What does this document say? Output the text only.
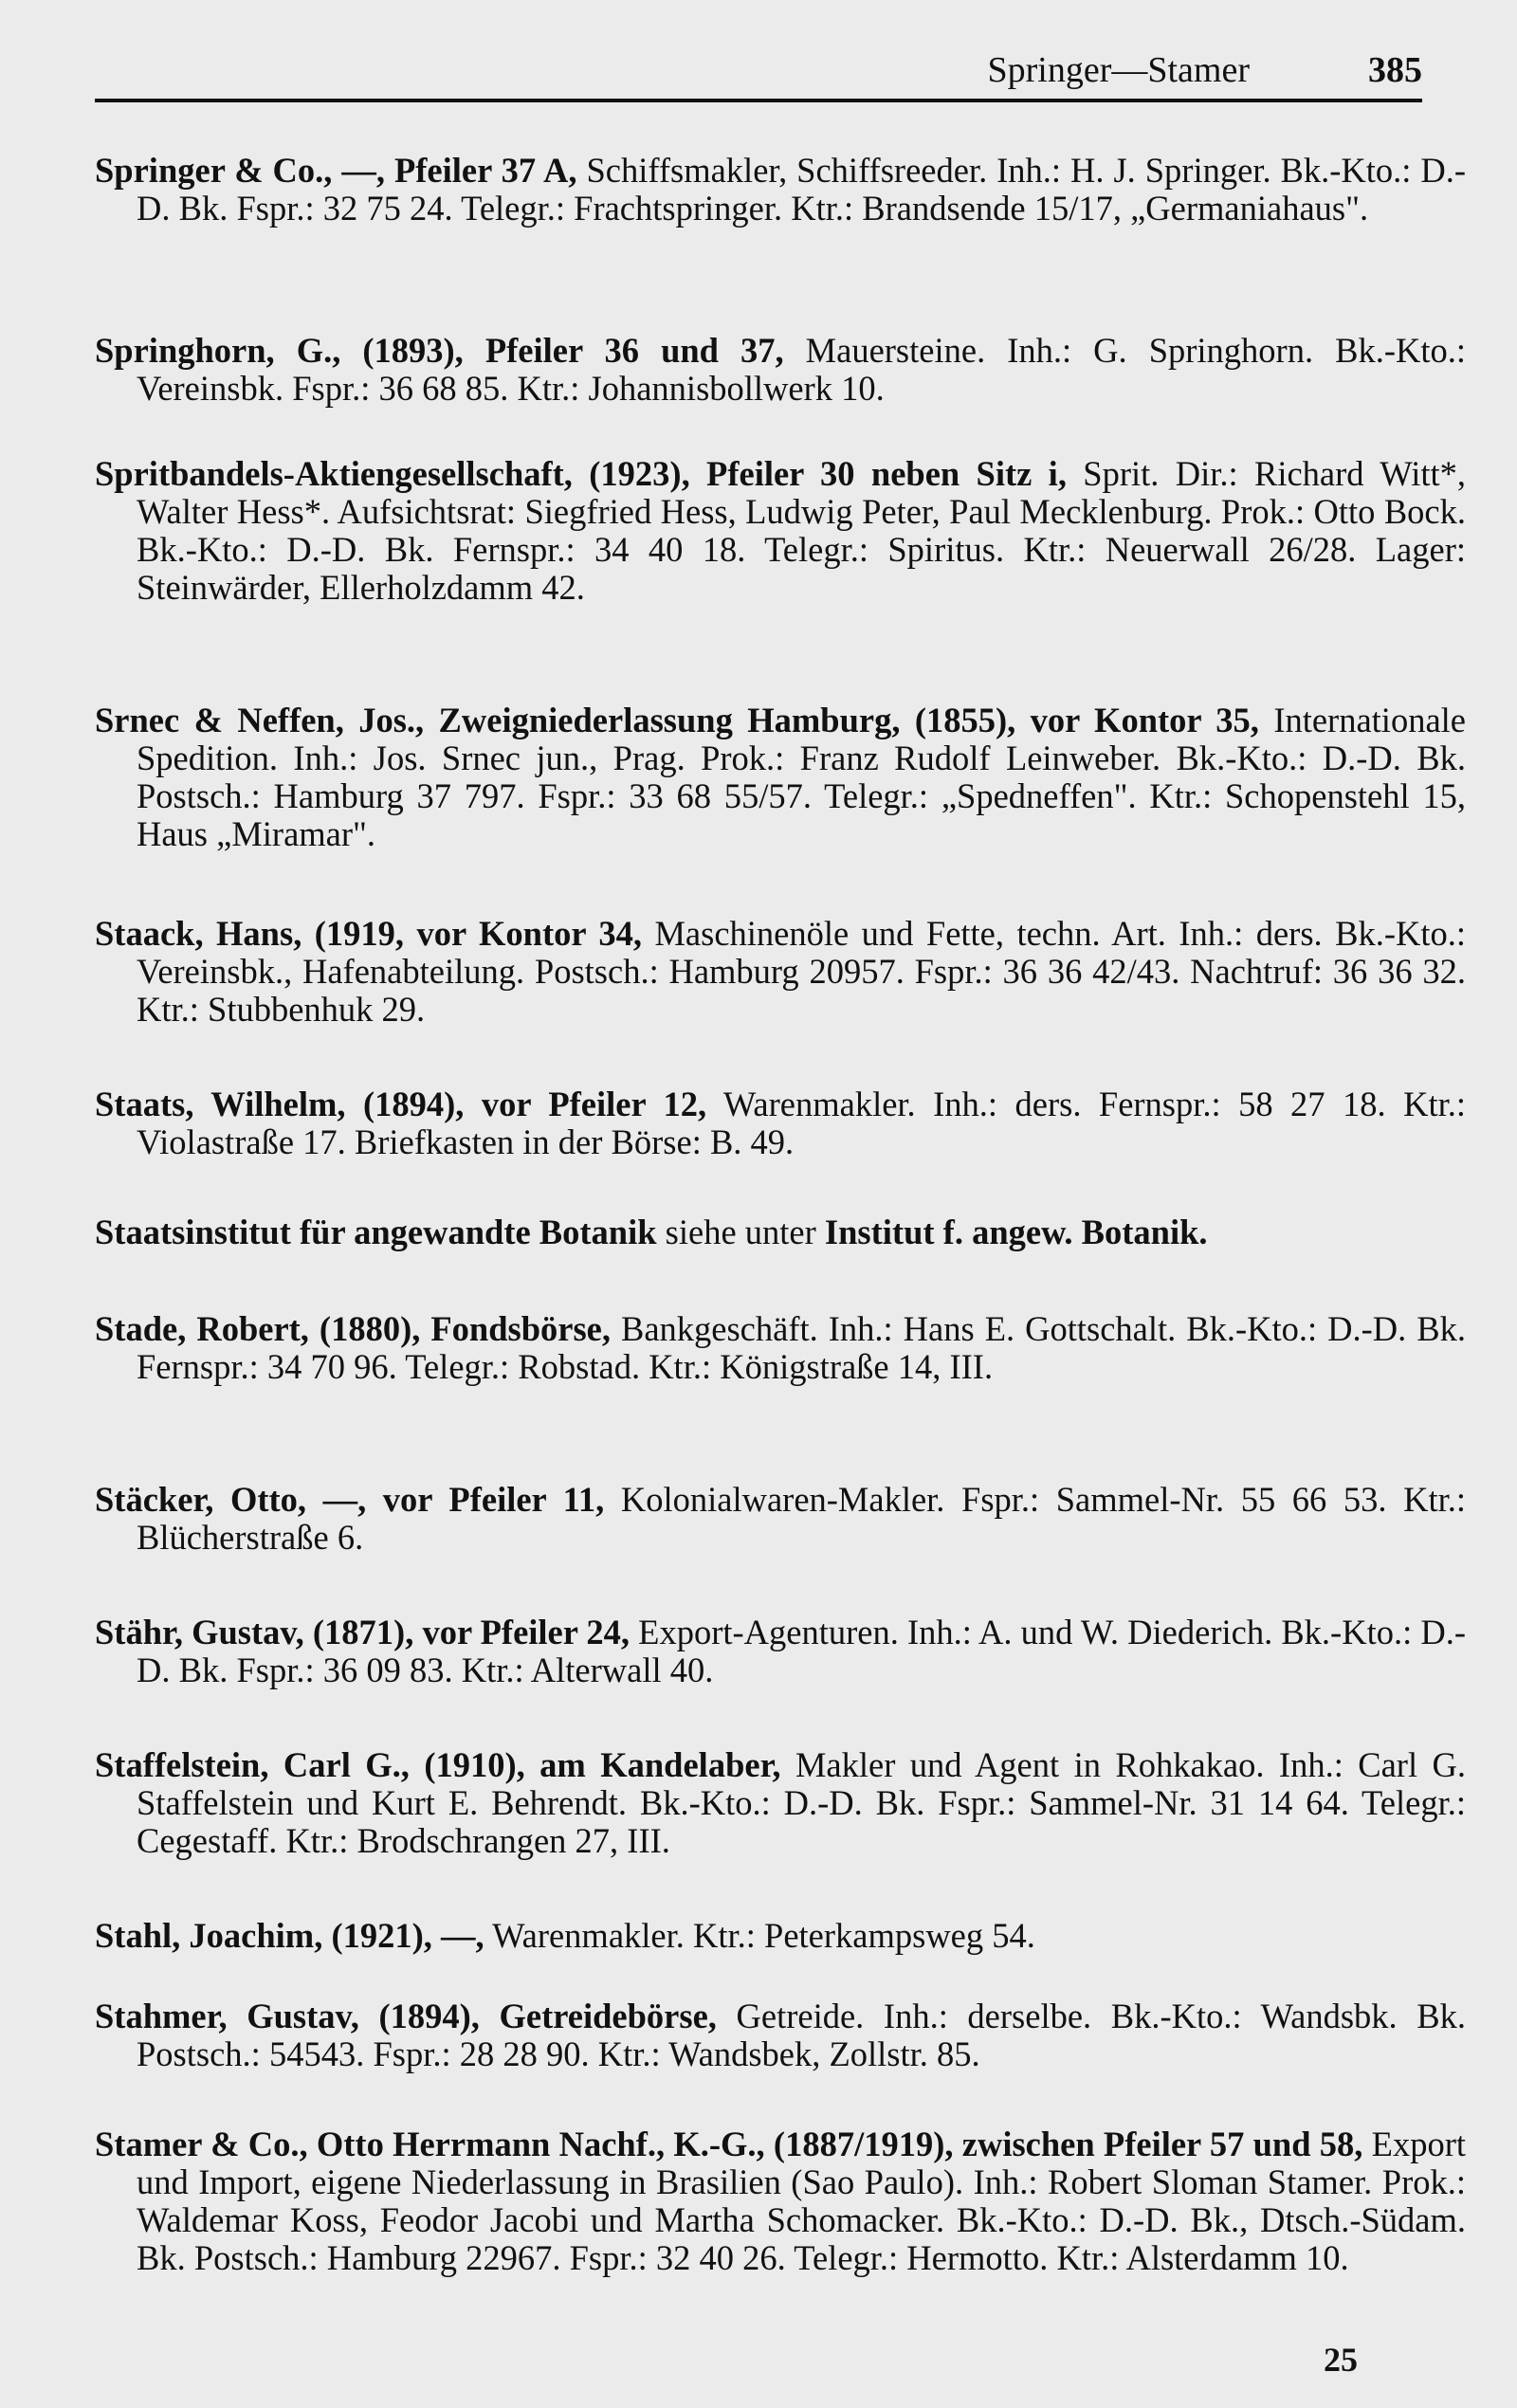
Springer—Stamer	385

Springer & Co., —, Pfeiler 37 A, Schiffsmakler, Schiffsreeder. Inh.: H. J. Springer. Bk.-Kto.: D.-D. Bk. Fspr.: 32 75 24. Telegr.: Frachtspringer. Ktr.: Brandsende 15/17, „Germaniahaus".

Springhorn, G., (1893), Pfeiler 36 und 37, Mauersteine. Inh.: G. Springhorn. Bk.-Kto.: Vereinsbk. Fspr.: 36 68 85. Ktr.: Johannisbollwerk 10.

Spritbandels-Aktiengesellschaft, (1923), Pfeiler 30 neben Sitz i, Sprit. Dir.: Richard Witt*, Walter Hess*. Aufsichtsrat: Siegfried Hess, Ludwig Peter, Paul Mecklenburg. Prok.: Otto Bock. Bk.-Kto.: D.-D. Bk. Fernspr.: 34 40 18. Telegr.: Spiritus. Ktr.: Neuerwall 26/28. Lager: Steinwärder, Ellerholzdamm 42.

Srnec & Neffen, Jos., Zweigniederlassung Hamburg, (1855), vor Kontor 35, Internationale Spedition. Inh.: Jos. Srnec jun., Prag. Prok.: Franz Rudolf Leinweber. Bk.-Kto.: D.-D. Bk. Postsch.: Hamburg 37 797. Fspr.: 33 68 55/57. Telegr.: „Spedneffen". Ktr.: Schopenstehl 15, Haus „Miramar".

Staack, Hans, (1919, vor Kontor 34, Maschinenöle und Fette, techn. Art. Inh.: ders. Bk.-Kto.: Vereinsbk., Hafenabteilung. Postsch.: Hamburg 20957. Fspr.: 36 36 42/43. Nachtruf: 36 36 32. Ktr.: Stubbenhuk 29.

Staats, Wilhelm, (1894), vor Pfeiler 12, Warenmakler. Inh.: ders. Fernspr.: 58 27 18. Ktr.: Violastraße 17. Briefkasten in der Börse: B. 49.

Staatsinstitut für angewandte Botanik siehe unter Institut f. angew. Botanik.

Stade, Robert, (1880), Fondsbörse, Bankgeschäft. Inh.: Hans E. Gottschalt. Bk.-Kto.: D.-D. Bk. Fernspr.: 34 70 96. Telegr.: Robstad. Ktr.: Königstraße 14, III.

Stäcker, Otto, —, vor Pfeiler 11, Kolonialwaren-Makler. Fspr.: Sammel-Nr. 55 66 53. Ktr.: Blücherstraße 6.

Stähr, Gustav, (1871), vor Pfeiler 24, Export-Agenturen. Inh.: A. und W. Diederich. Bk.-Kto.: D.-D. Bk. Fspr.: 36 09 83. Ktr.: Alterwall 40.

Staffelstein, Carl G., (1910), am Kandelaber, Makler und Agent in Rohkakao. Inh.: Carl G. Staffelstein und Kurt E. Behrendt. Bk.-Kto.: D.-D. Bk. Fspr.: Sammel-Nr. 31 14 64. Telegr.: Cegestaff. Ktr.: Brodschrangen 27, III.

Stahl, Joachim, (1921), —, Warenmakler. Ktr.: Peterkampsweg 54.

Stahmer, Gustav, (1894), Getreidebörse, Getreide. Inh.: derselbe. Bk.-Kto.: Wandsbk. Bk. Postsch.: 54543. Fspr.: 28 28 90. Ktr.: Wandsbek, Zollstr. 85.

Stamer & Co., Otto Herrmann Nachf., K.-G., (1887/1919), zwischen Pfeiler 57 und 58, Export und Import, eigene Niederlassung in Brasilien (Sao Paulo). Inh.: Robert Sloman Stamer. Prok.: Waldemar Koss, Feodor Jacobi und Martha Schomacker. Bk.-Kto.: D.-D. Bk., Dtsch.-Südam. Bk. Postsch.: Hamburg 22967. Fspr.: 32 40 26. Telegr.: Hermotto. Ktr.: Alsterdamm 10.

25
